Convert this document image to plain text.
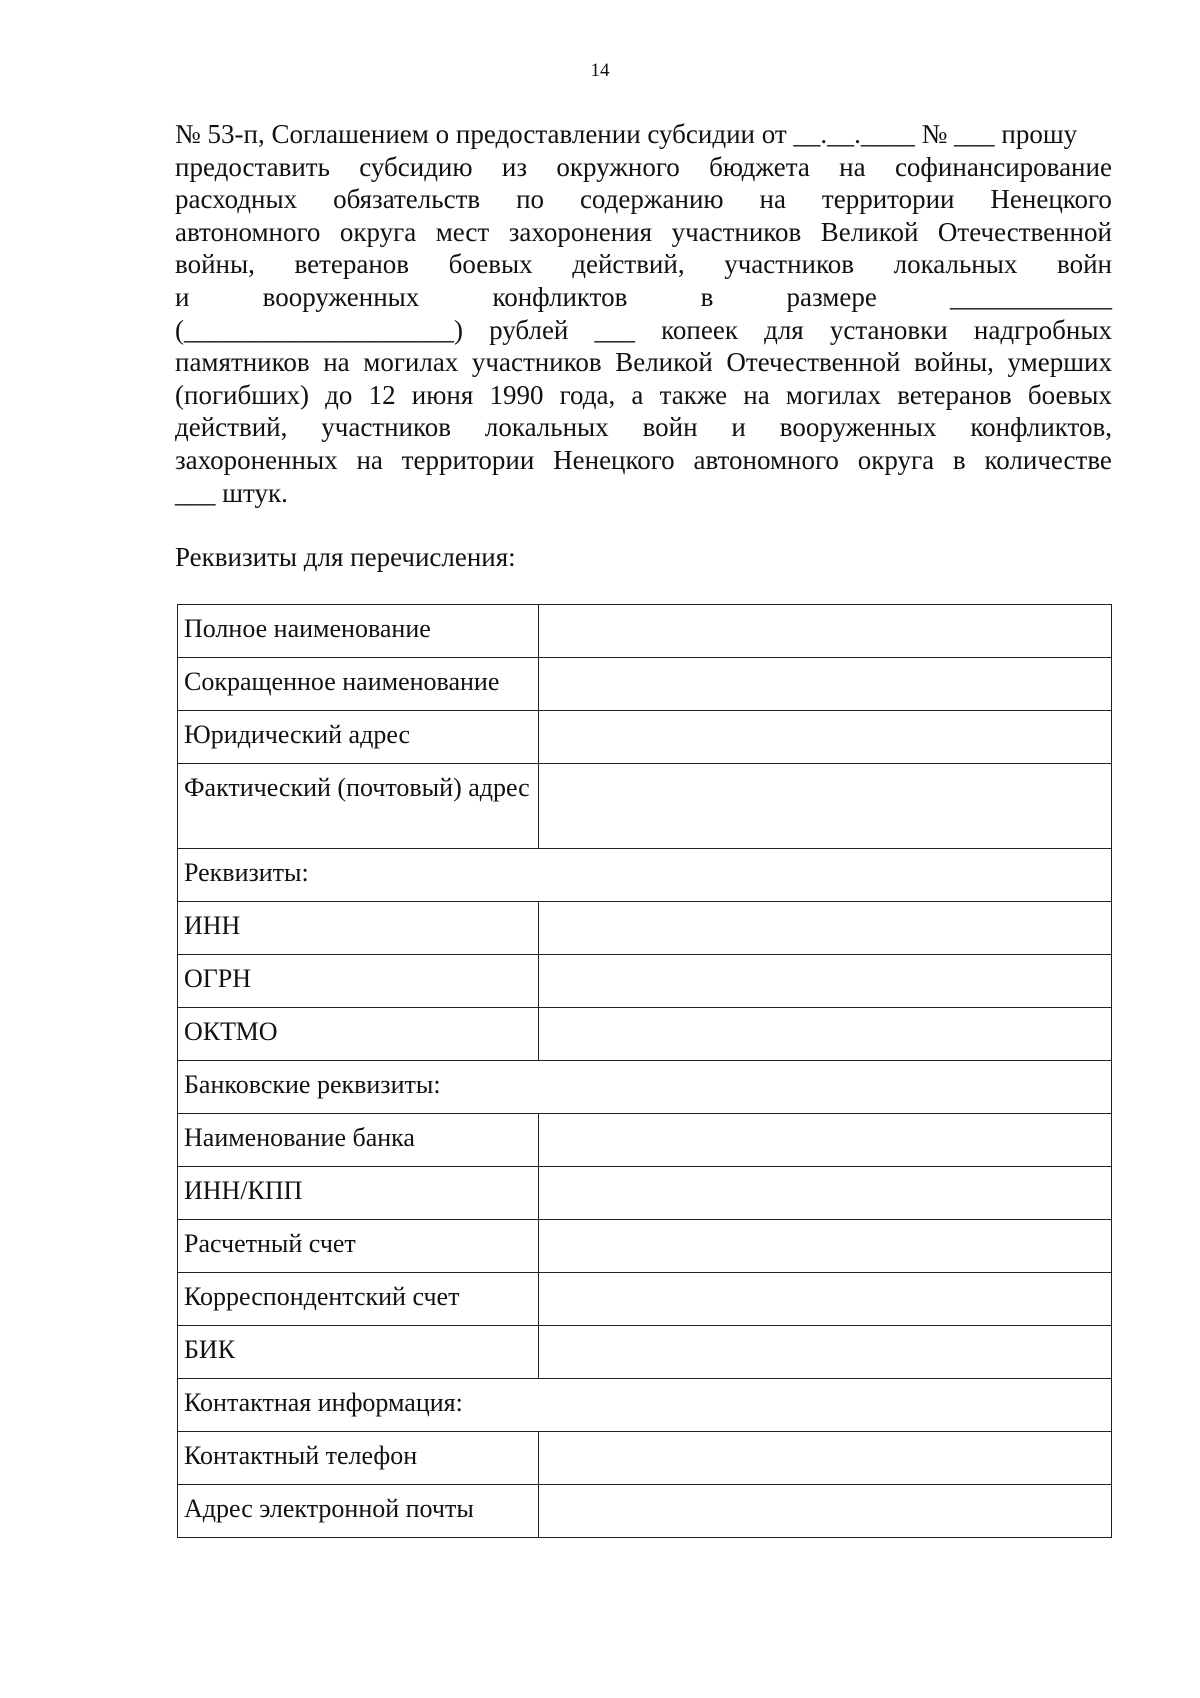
14
№ 53-п, Соглашением о предоставлении субсидии от __.__.____ № ___ прошу
предоставить субсидию из окружного бюджета на софинансирование
расходных обязательств по содержанию на территории Ненецкого
автономного округа мест захоронения участников Великой Отечественной
войны, ветеранов боевых действий, участников локальных войн
и	вооруженных	конфликтов	в	размере	____________
(____________________) рублей ___ копеек для установки надгробных
памятников на могилах участников Великой Отечественной войны, умерших
(погибших) до 12 июня 1990 года, а также на могилах ветеранов боевых
действий, участников локальных войн и вооруженных конфликтов,
захороненных на территории Ненецкого автономного округа в количестве
___ штук.
Реквизиты для перечисления:
Полное наименование	
Сокращенное наименование	
Юридический адрес	
Фактический (почтовый) адрес	
Реквизиты:	
ИНН	
ОГРН	
ОКТМО	
Банковские реквизиты:	
Наименование банка	
ИНН/КПП	
Расчетный счет	
Корреспондентский счет	
БИК	
Контактная информация:	
Контактный телефон	
Адрес электронной почты	
